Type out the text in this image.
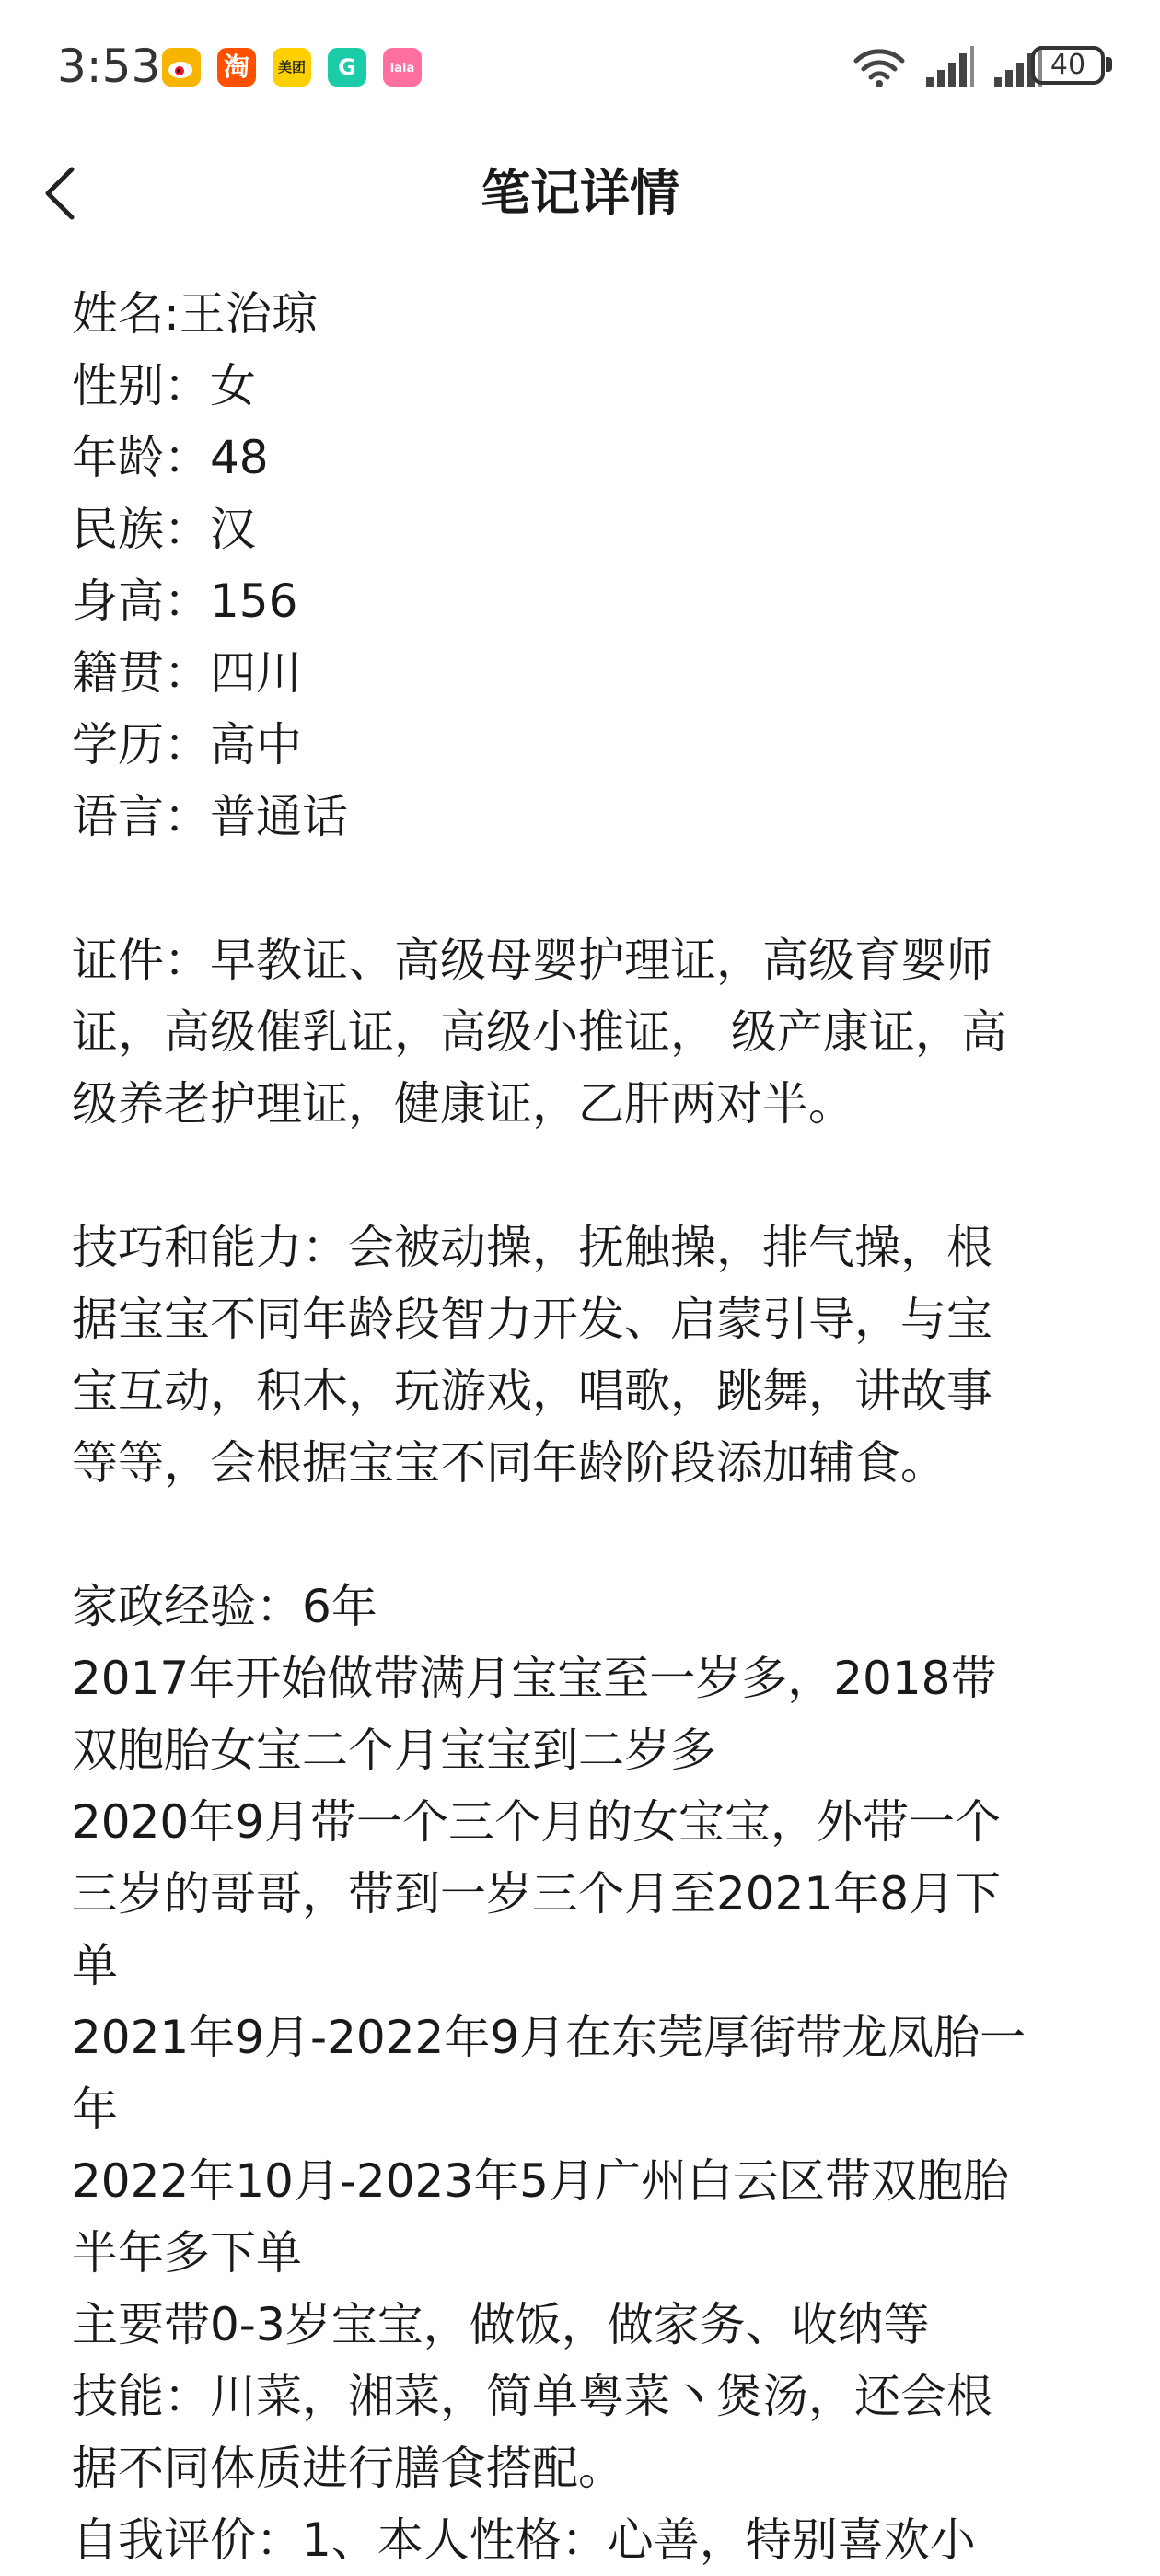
3:53 淘	美团	G	lala	40
笔记详情
姓名:王治琼
性别：女
年龄：48
民族：汉
身高：156
籍贯：四川
学历：高中
语言：普通话
证件：早教证、高级母婴护理证，高级育婴师
证，高级催乳证，高级小推证， 级产康证，高
级养老护理证，健康证，乙肝两对半。
技巧和能力：会被动操，抚触操，排气操，根
据宝宝不同年龄段智力开发、启蒙引导，与宝
宝互动，积木，玩游戏，唱歌，跳舞，讲故事
等等，会根据宝宝不同年龄阶段添加辅食。
家政经验：6年
2017年开始做带满月宝宝至一岁多，2018带
双胞胎女宝二个月宝宝到二岁多
2020年9月带一个三个月的女宝宝，外带一个
三岁的哥哥，带到一岁三个月至2021年8月下
单
2021年9月-2022年9月在东莞厚街带龙凤胎一
年
2022年10月-2023年5月广州白云区带双胞胎
半年多下单
主要带0-3岁宝宝，做饭，做家务、收纳等
技能：川菜，湘菜，简单粤菜丶煲汤，还会根
据不同体质进行膳食搭配。
自我评价：1、本人性格：心善，特别喜欢小
